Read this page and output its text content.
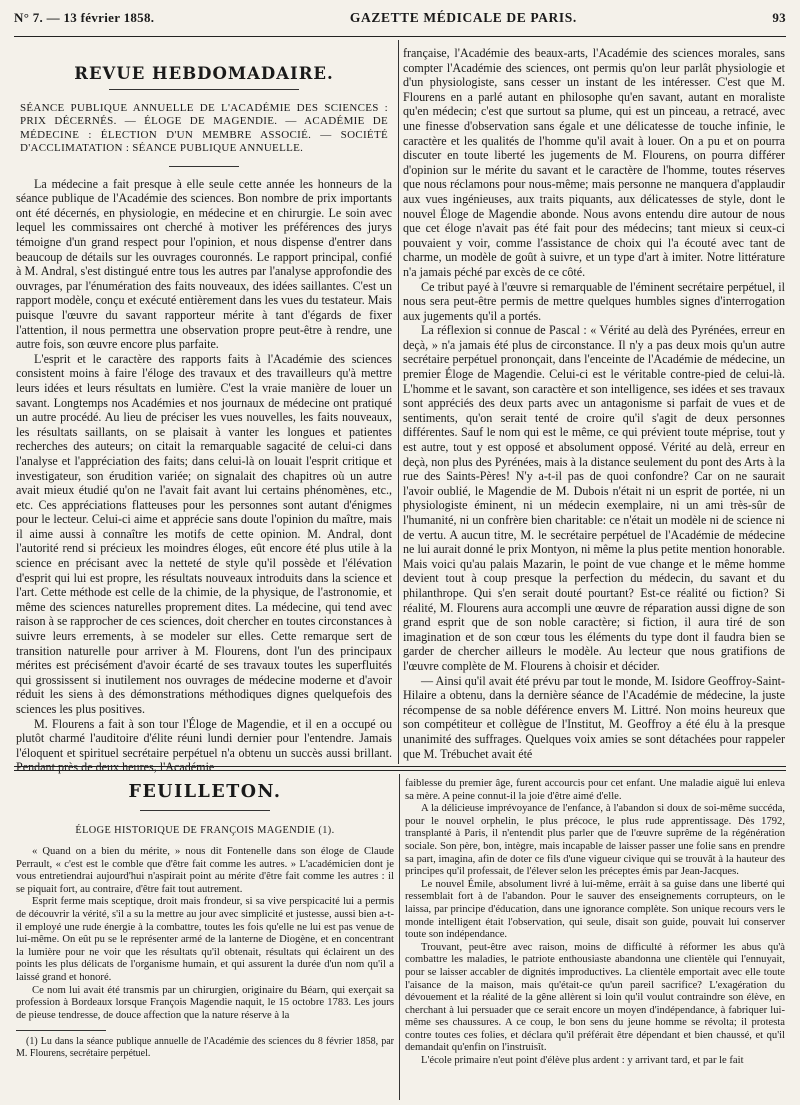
N° 7. — 13 février 1858.	GAZETTE MÉDICALE DE PARIS.	93
REVUE HEBDOMADAIRE.
SÉANCE PUBLIQUE ANNUELLE DE L'ACADÉMIE DES SCIENCES : PRIX DÉCERNÉS. — ÉLOGE DE MAGENDIE. — ACADÉMIE DE MÉDECINE : ÉLECTION D'UN MEMBRE ASSOCIÉ. — SOCIÉTÉ D'ACCLIMATATION : SÉANCE PUBLIQUE ANNUELLE.

La médecine a fait presque à elle seule cette année les honneurs de la séance publique de l'Académie des sciences. Bon nombre de prix importants ont été décernés, en physiologie, en médecine et en chirurgie. Le soin avec lequel les commissaires ont cherché à motiver les préférences des jurys témoigne d'un grand respect pour l'opinion, et nous dispense d'entrer dans beaucoup de détails sur les ouvrages couronnés. Le rapport principal, confié à M. Andral, s'est distingué entre tous les autres par l'analyse approfondie des ouvrages, par l'énumération des faits nouveaux, des idées saillantes. C'est un rapport modèle, conçu et exécuté entièrement dans les vues du testateur. Mais puisque l'œuvre du savant rapporteur mérite à tant d'égards de fixer l'attention, il nous permettra une observation propre peut-être à rendre, une autre fois, son œuvre encore plus parfaite.

L'esprit et le caractère des rapports faits à l'Académie des sciences consistent moins à faire l'éloge des travaux et des travailleurs qu'à mettre leurs idées et leurs résultats en lumière. C'est la vraie manière de louer un savant. Longtemps nos Académies et nos journaux de médecine ont pratiqué un autre procédé. Au lieu de préciser les vues nouvelles, les faits nouveaux, les résultats saillants, on se plaisait à vanter les longues et patientes recherches des auteurs; on citait la remarquable sagacité de celui-ci dans l'analyse et l'appréciation des faits; dans celui-là on louait l'esprit critique et investigateur, son érudition variée; on signalait des chapitres où un autre avait mieux étudié qu'on ne l'avait fait avant lui certains phénomènes, etc., etc. Ces appréciations flatteuses pour les personnes sont autant d'énigmes pour le lecteur. Celui-ci aime et apprécie sans doute l'opinion du maître, mais il aime aussi à connaître les motifs de cette opinion. M. Andral, dont l'autorité rend si précieux les moindres éloges, eût encore été plus utile à la science en précisant avec la netteté de style qu'il possède et l'élévation d'esprit qui lui est propre, les résultats nouveaux introduits dans la science et l'art. Cette méthode est celle de la chimie, de la physique, de l'astronomie, et même des sciences naturelles proprement dites. La médecine, qui tend avec raison à se rapprocher de ces sciences, doit chercher en toutes circonstances à suivre leurs errements, à se modeler sur elles. Cette remarque sert de transition naturelle pour arriver à M. Flourens, dont l'un des principaux mérites est précisément d'avoir écarté de ses travaux toutes les superfluités qui grossissent si inutilement nos ouvrages de médecine moderne et d'avoir réduit les siens à des démonstrations méthodiques dignes quelquefois des sciences les plus positives.

M. Flourens a fait à son tour l'Éloge de Magendie, et il en a occupé ou plutôt charmé l'auditoire d'élite réuni lundi dernier pour l'entendre. Jamais l'éloquent et spirituel secrétaire perpétuel n'a obtenu un succès aussi brillant. Pendant près de deux heures, l'Académie

française, l'Académie des beaux-arts, l'Académie des sciences morales, sans compter l'Académie des sciences, ont permis qu'on leur parlât physiologie et d'un physiologiste, sans cesser un instant de les intéresser. C'est que M. Flourens en a parlé autant en philosophe qu'en savant, autant en moraliste qu'en médecin; c'est que surtout sa plume, qui est un pinceau, a retracé, avec une finesse d'observation sans égale et une délicatesse de touche infinie, le caractère et les qualités de l'homme qu'il avait à louer. On a pu et on pourra discuter en toute liberté les jugements de M. Flourens, on pourra différer d'opinion sur le mérite du savant et le caractère de l'homme, toutes réserves que nous réclamons pour nous-même; mais personne ne manquera d'applaudir aux vues ingénieuses, aux traits piquants, aux délicatesses de style, dont le nouvel Éloge de Magendie abonde. Nous avons entendu dire autour de nous que cet éloge n'avait pas été fait pour des médecins; tant mieux si ceux-ci pouvaient y voir, comme l'assistance de choix qui l'a écouté avec tant de charme, un modèle de goût à suivre, et un type d'art à imiter. Notre littérature n'a jamais péché par excès de ce côté.

Ce tribut payé à l'œuvre si remarquable de l'éminent secrétaire perpétuel, il nous sera peut-être permis de mettre quelques humbles signes d'interrogation aux jugements qu'il a portés.

La réflexion si connue de Pascal : « Vérité au delà des Pyrénées, erreur en deçà, » n'a jamais été plus de circonstance. Il n'y a pas deux mois qu'un autre secrétaire perpétuel prononçait, dans l'enceinte de l'Académie de médecine, un premier Éloge de Magendie. Celui-ci est le véritable contre-pied de celui-là. L'homme et le savant, son caractère et son intelligence, ses idées et ses travaux sont appréciés des deux parts avec un antagonisme si parfait de vues et de sentiments, qu'on serait tenté de croire qu'il s'agit de deux personnes différentes. Sauf le nom qui est le même, ce qui prévient toute méprise, tout y est autre, tout y est opposé et absolument opposé. Vérité au delà, erreur en deçà, non plus des Pyrénées, mais à la distance seulement du pont des Arts à la rue des Saints-Pères! N'y a-t-il pas de quoi confondre? Car on ne saurait l'avoir oublié, le Magendie de M. Dubois n'était ni un esprit de portée, ni un physiologiste éminent, ni un médecin exemplaire, ni un ami très-sûr de l'humanité, ni un confrère bien charitable: ce n'était un modèle ni de science ni de vertu. A aucun titre, M. le secrétaire perpétuel de l'Académie de médecine ne lui aurait donné le prix Montyon, ni même la plus petite mention honorable. Mais voici qu'au palais Mazarin, le point de vue change et le même homme devient tout à coup presque la perfection du médecin, du savant et du philanthrope. Qui s'en serait douté pourtant? Est-ce réalité ou fiction? Si réalité, M. Flourens aura accompli une œuvre de réparation aussi digne de son grand esprit que de son noble caractère; si fiction, il aura tiré de son imagination et de son cœur tous les éléments du type dont il faudra bien se garder de chercher ailleurs le modèle. Au lecteur que nous gratifions de l'œuvre complète de M. Flourens à choisir et décider.

— Ainsi qu'il avait été prévu par tout le monde, M. Isidore Geoffroy-Saint-Hilaire a obtenu, dans la dernière séance de l'Académie de médecine, la juste récompense de sa noble déférence envers M. Littré. Non moins heureux que son compétiteur et collègue de l'Institut, M. Geoffroy a été élu à la presque unanimité des suffrages. Quelques voix amies se sont détachées pour rappeler que M. Trébuchet avait été

FEUILLETON.
ÉLOGE HISTORIQUE DE FRANÇOIS MAGENDIE (1).

« Quand on a bien du mérite, » nous dit Fontenelle dans son éloge de Claude Perrault, « c'est est le comble que d'être fait comme les autres. » L'académicien dont je vous entretiendrai aujourd'hui n'aspirait point au mérite d'être fait comme les autres : il se piquait fort, au contraire, d'être fait tout autrement.

Esprit ferme mais sceptique, droit mais frondeur, si sa vive perspicacité lui a permis de découvrir la vérité, s'il a su la mettre au jour avec simplicité et justesse, aussi bien a-t-il employé une rude énergie à la combattre, toutes les fois qu'elle ne lui est pas venue de lui-même. On eût pu se le représenter armé de la lanterne de Diogène, et en concentrant la lumière pour ne voir que les résultats qu'il obtenait, résultats qui éclairent un des points les plus délicats de l'organisme humain, et qui assurent la durée d'un nom qu'il a laissé grand et honoré.

Ce nom lui avait été transmis par un chirurgien, originaire du Béarn, qui exerçait sa profession à Bordeaux lorsque François Magendie naquit, le 15 octobre 1783. Les jours de pieuse tendresse, de douce affection que la nature réserve à la

(1) Lu dans la séance publique annuelle de l'Académie des sciences du 8 février 1858, par M. Flourens, secrétaire perpétuel.

faiblesse du premier âge, furent accourcis pour cet enfant. Une maladie aiguë lui enleva sa mère. A peine connut-il la joie d'être aimé d'elle.

A la délicieuse imprévoyance de l'enfance, à l'abandon si doux de soi-même succéda, pour le nouvel orphelin, le plus précoce, le plus rude apprentissage. Dès 1792, transplanté à Paris, il n'entendit plus parler que de l'œuvre suprême de la régénération sociale. Son père, bon, intègre, mais incapable de laisser passer une folie sans en prendre sa part, imagina, afin de doter ce fils d'une vigueur civique qui se trouvât à la hauteur des principes qu'il professait, de l'élever selon les préceptes émis par Jean-Jacques.

Le nouvel Émile, absolument livré à lui-même, erràit à sa guise dans une liberté qui ressemblait fort à de l'abandon. Pour le sauver des enseignements corrupteurs, on le laissa, par principe d'éducation, dans une ignorance complète. Son unique recours vers le monde intelligent était l'observation, qui seule, disait son guide, pouvait lui conserver toute son indépendance.

Trouvant, peut-être avec raison, moins de difficulté à réformer les abus qu'à combattre les maladies, le patriote enthousiaste abandonna une clientèle qui l'ennuyait, pour se laisser accabler de dignités improductives. La clientèle emportait avec elle toute l'aisance de la maison, mais qu'était-ce qu'un pareil sacrifice? L'exagération du dévouement et la réalité de la gêne allèrent si loin qu'il voulut contraindre son élève, en cherchant à lui persuader que ce serait encore un moyen d'indépendance, à fabriquer lui-même ses chaussures. A ce coup, le bon sens du jeune homme se révolta; il protesta contre toutes ces folies, et déclara qu'il préférait être dépendant et bien chaussé, et qu'il demandait qu'enfin on l'instruisît.

L'école primaire n'eut point d'élève plus ardent : y arrivant tard, et par le fait
